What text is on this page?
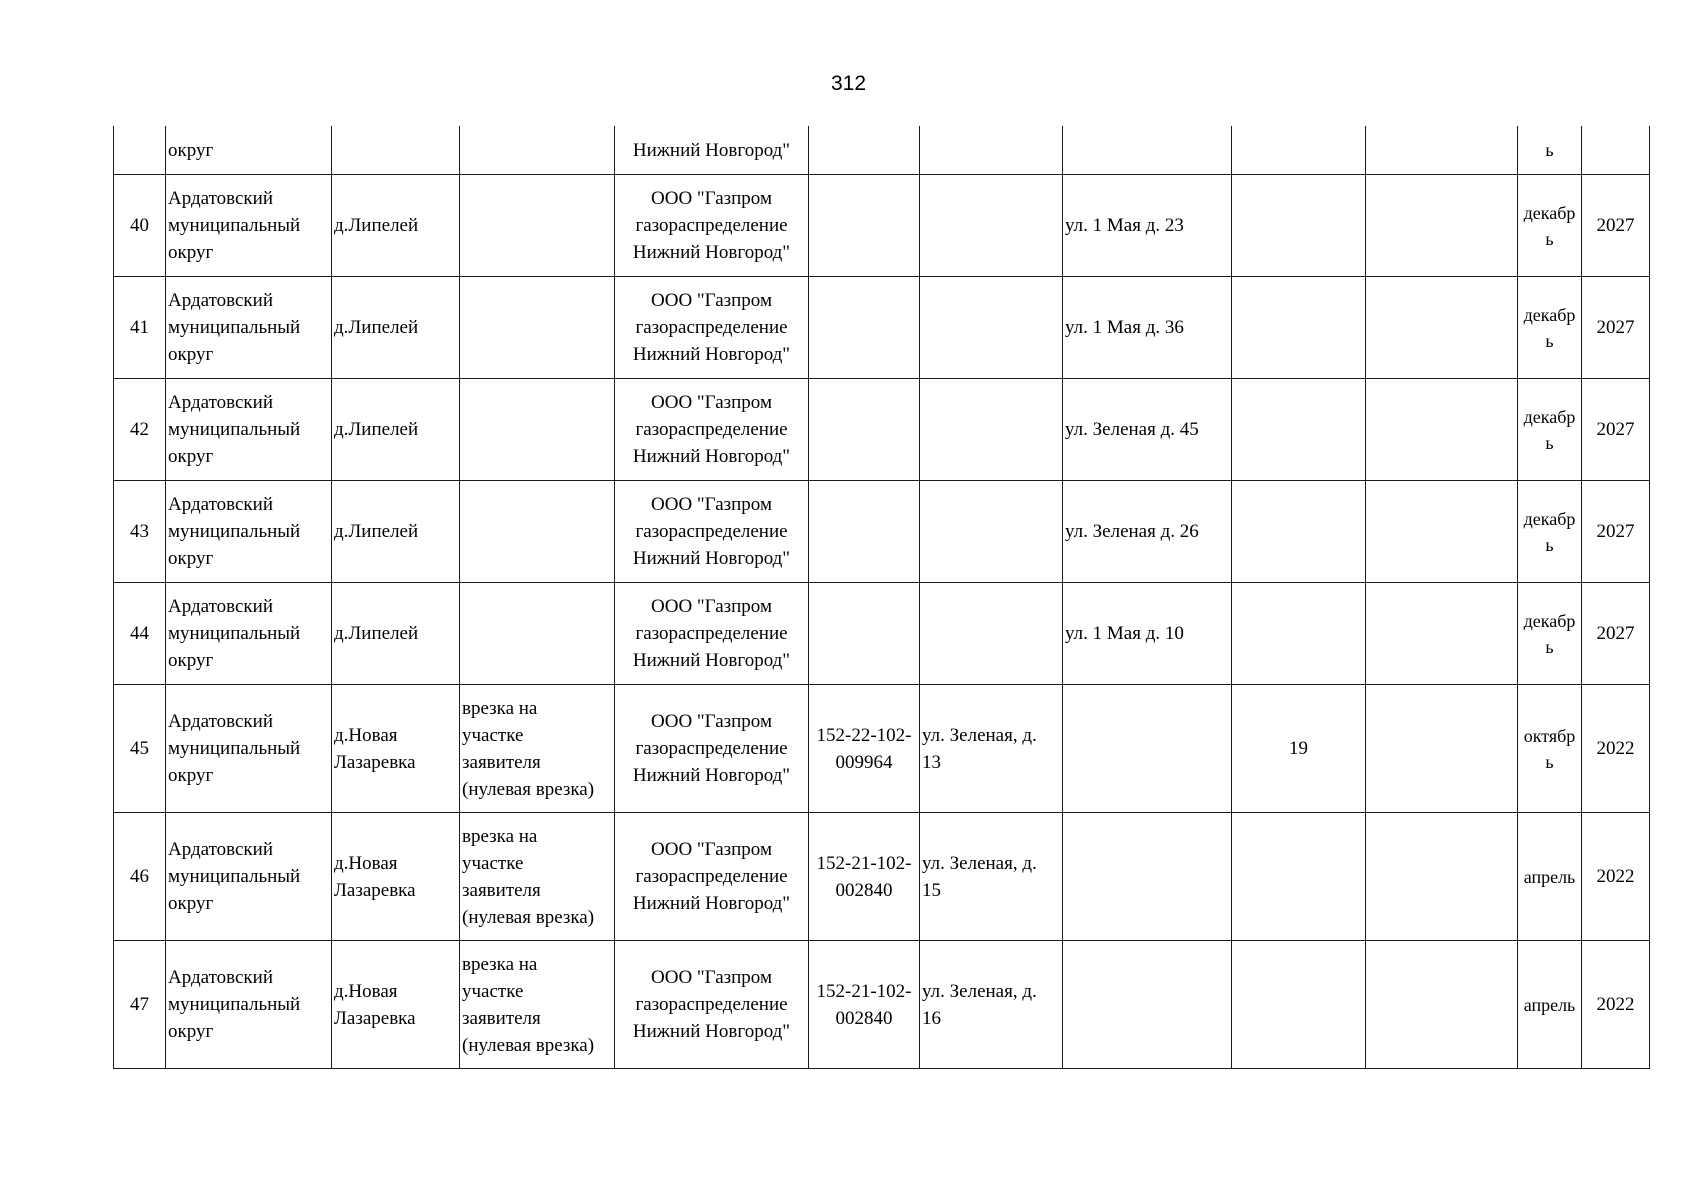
312

	округ			Нижний Новгород"						ь	

40	Ардатовский
муниципальный
округ	д.Липелей		ООО "Газпром
газораспределение
Нижний Новгород"			ул. 1 Мая д. 23			декабр
ь	2027

41	Ардатовский
муниципальный
округ	д.Липелей		ООО "Газпром
газораспределение
Нижний Новгород"			ул. 1 Мая д. 36			декабр
ь	2027

42	Ардатовский
муниципальный
округ	д.Липелей		ООО "Газпром
газораспределение
Нижний Новгород"			ул. Зеленая д. 45			декабр
ь	2027

43	Ардатовский
муниципальный
округ	д.Липелей		ООО "Газпром
газораспределение
Нижний Новгород"			ул. Зеленая д. 26			декабр
ь	2027

44	Ардатовский
муниципальный
округ	д.Липелей		ООО "Газпром
газораспределение
Нижний Новгород"			ул. 1 Мая д. 10			декабр
ь	2027

45	Ардатовский
муниципальный
округ	д.Новая
Лазаревка	врезка на
участке
заявителя
(нулевая врезка)	ООО "Газпром
газораспределение
Нижний Новгород"	152-22-102-
009964	ул. Зеленая, д.
13		19		октябр
ь	2022

46	Ардатовский
муниципальный
округ	д.Новая
Лазаревка	врезка на
участке
заявителя
(нулевая врезка)	ООО "Газпром
газораспределение
Нижний Новгород"	152-21-102-
002840	ул. Зеленая, д.
15				апрель	2022

47	Ардатовский
муниципальный
округ	д.Новая
Лазаревка	врезка на
участке
заявителя
(нулевая врезка)	ООО "Газпром
газораспределение
Нижний Новгород"	152-21-102-
002840	ул. Зеленая, д.
16				апрель	2022
